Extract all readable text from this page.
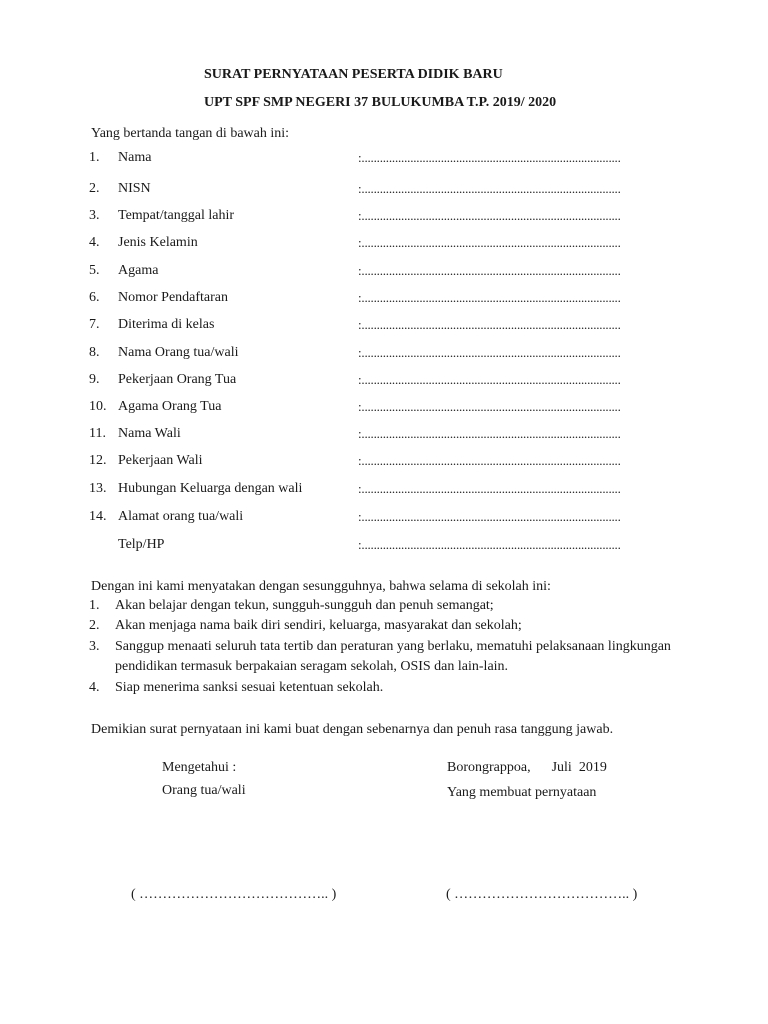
SURAT PERNYATAAN PESERTA DIDIK BARU
UPT SPF SMP NEGERI 37 BULUKUMBA T.P. 2019/ 2020
Yang bertanda tangan di bawah ini:
1. Nama	:.....................................................................................
2. NISN	:.....................................................................................
3. Tempat/tanggal lahir	:.....................................................................................
4. Jenis Kelamin	:.....................................................................................
5. Agama	:.....................................................................................
6. Nomor Pendaftaran	:.....................................................................................
7. Diterima di kelas	:.....................................................................................
8. Nama Orang tua/wali	:.....................................................................................
9. Pekerjaan Orang Tua	:.....................................................................................
10. Agama Orang Tua	:.....................................................................................
11. Nama Wali	:.....................................................................................
12. Pekerjaan Wali	:.....................................................................................
13. Hubungan Keluarga dengan wali	:.....................................................................................
14. Alamat orang tua/wali	:.....................................................................................
Telp/HP	:.....................................................................................
Dengan ini kami menyatakan dengan sesungguhnya, bahwa selama di sekolah ini:
1. Akan belajar dengan tekun, sungguh-sungguh dan penuh semangat;
2. Akan menjaga nama baik diri sendiri, keluarga, masyarakat dan sekolah;
3. Sanggup menaati seluruh tata tertib dan peraturan yang berlaku, mematuhi pelaksanaan lingkungan
pendidikan termasuk berpakaian seragam sekolah, OSIS dan lain-lain.
4. Siap menerima sanksi sesuai ketentuan sekolah.
Demikian surat pernyataan ini kami buat dengan sebenarnya dan penuh rasa tanggung jawab.
Mengetahui :
Orang tua/wali
Borongrappoa,      Juli  2019
Yang membuat pernyataan
( ………………………………….. )	( ……………………………….. )
